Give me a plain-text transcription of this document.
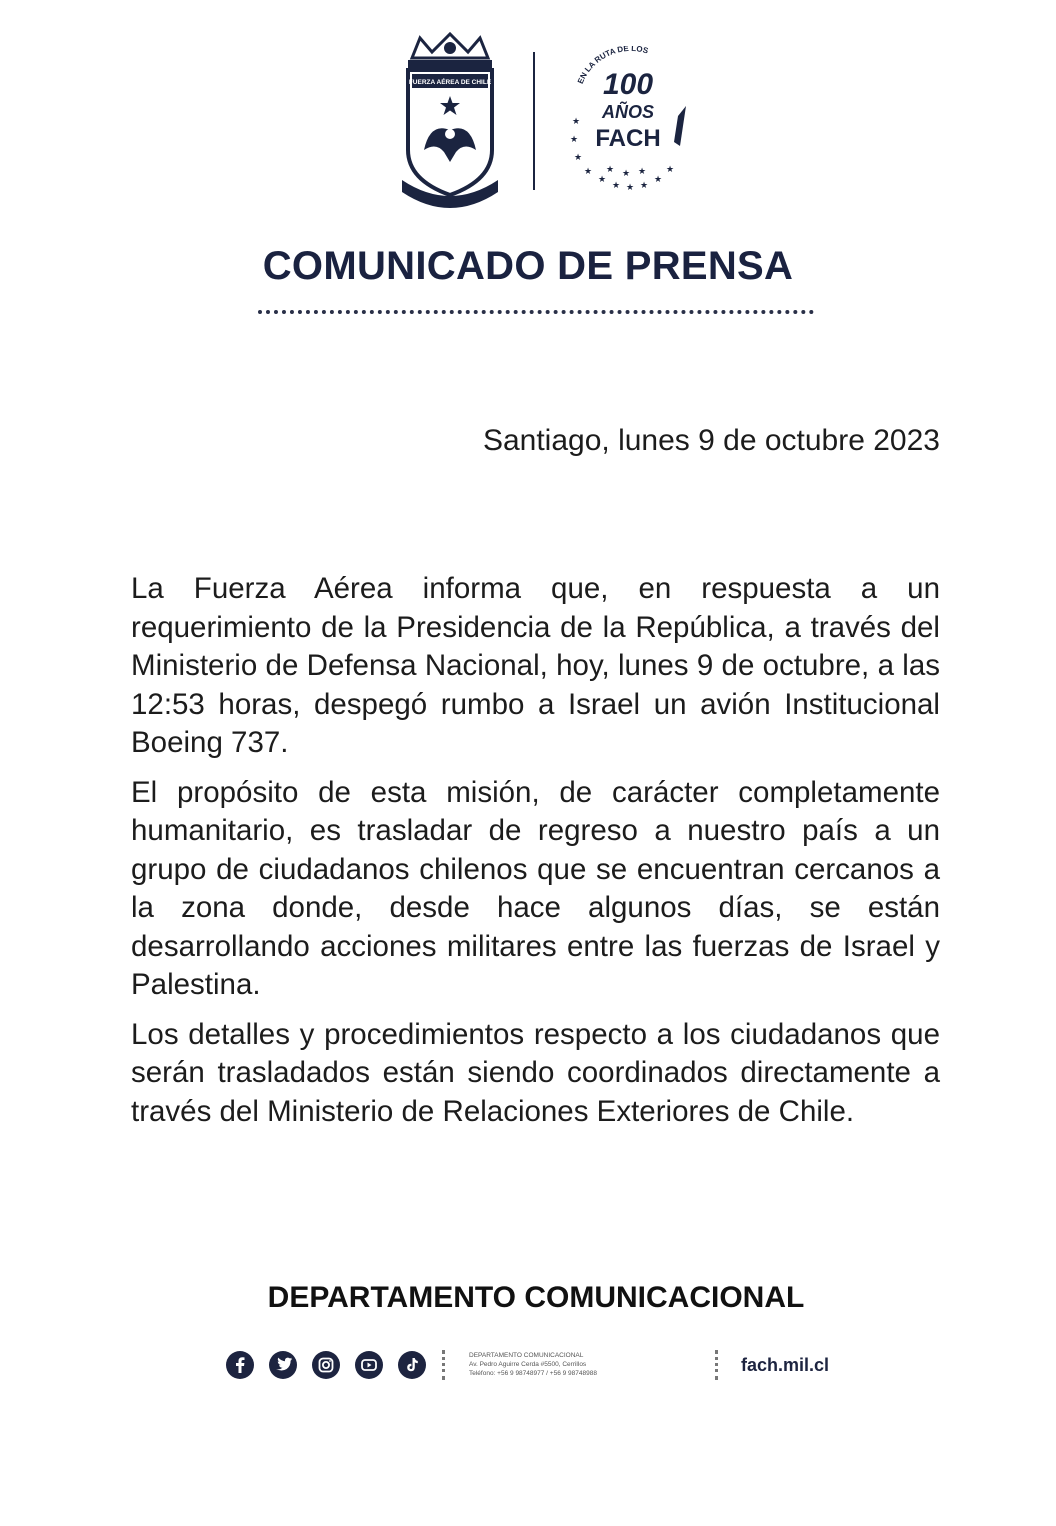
FUERZA AÉREA DE CHILE	EN LA RUTA DE LOS
100
AÑOS
FACH
★
★
★
★
★
★ ★ ★
★
★
★ ★ ★
COMUNICADO DE PRENSA
Santiago, lunes 9 de octubre 2023

La Fuerza Aérea informa que, en respuesta a un requerimiento de la Presidencia de la República, a través del Ministerio de Defensa Nacional, hoy, lunes 9 de octubre, a las 12:53 horas, despegó rumbo a Israel un avión Institucional Boeing 737.

El propósito de esta misión, de carácter completamente humanitario, es trasladar de regreso a nuestro país a un grupo de ciudadanos chilenos que se encuentran cercanos a la zona donde, desde hace algunos días, se están desarrollando acciones militares entre las fuerzas de Israel y Palestina.

Los detalles y procedimientos respecto a los ciudadanos que serán trasladados están siendo coordinados directamente a través del Ministerio de Relaciones Exteriores de Chile.

DEPARTAMENTO COMUNICACIONAL
DEPARTAMENTO COMUNICACIONAL
Av. Pedro Aguirre Cerda #5500, Cerrillos
Teléfono: +56 9 98748977 / +56 9 98748988	fach.mil.cl
